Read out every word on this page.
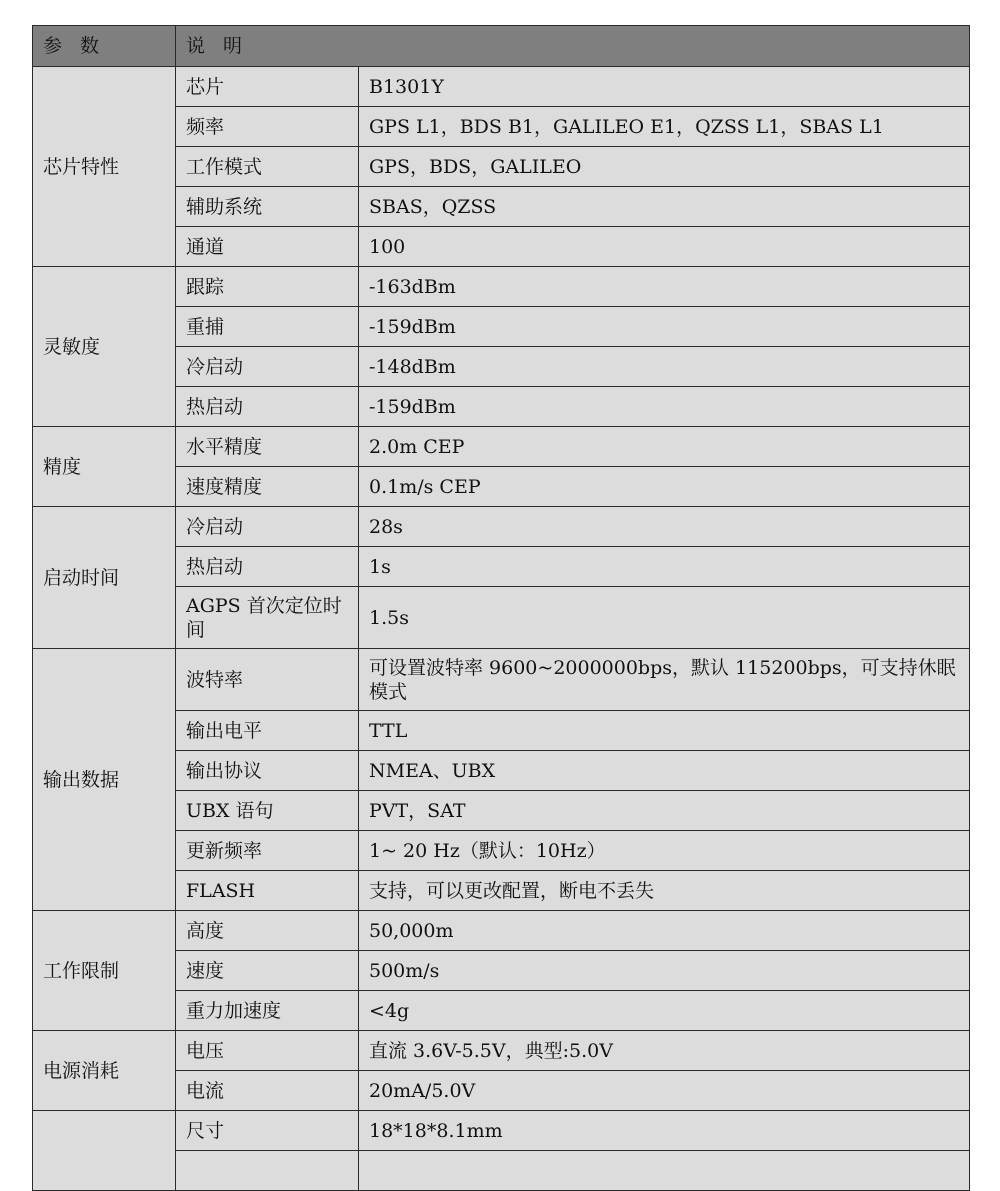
参 数	说 明	
芯片特性	芯片	B1301Y
	频率	GPS L1，BDS B1，GALILEO E1，QZSS L1，SBAS L1
	工作模式	GPS，BDS，GALILEO
	辅助系统	SBAS，QZSS
	通道	100
灵敏度	跟踪	-163dBm
	重捕	-159dBm
	冷启动	-148dBm
	热启动	-159dBm
精度	水平精度	2.0m CEP
	速度精度	0.1m/s CEP
启动时间	冷启动	28s
	热启动	1s
	AGPS 首次定位时间	1.5s
输出数据	波特率	可设置波特率 9600~2000000bps，默认 115200bps，可支持休眠模式
	输出电平	TTL
	输出协议	NMEA、UBX
	UBX 语句	PVT，SAT
	更新频率	1~ 20 Hz（默认：10Hz）
	FLASH	支持，可以更改配置，断电不丢失
工作限制	高度	50,000m
	速度	500m/s
	重力加速度	<4g
电源消耗	电压	直流 3.6V-5.5V，典型:5.0V
	电流	20mA/5.0V
	尺寸	18*18*8.1mm
